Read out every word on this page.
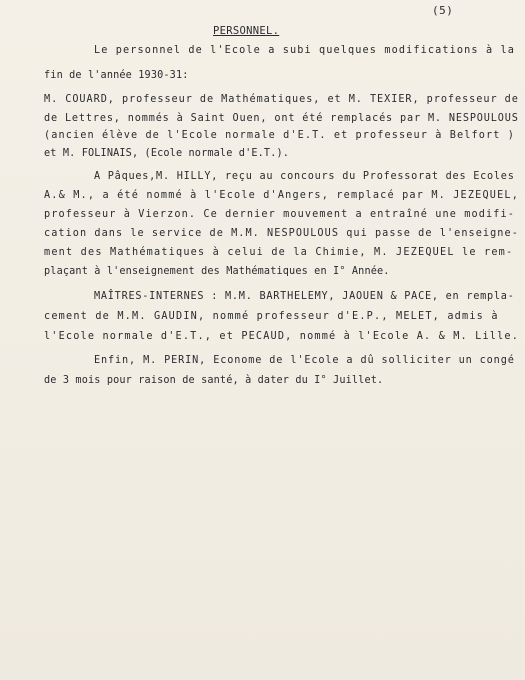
(5)
PERSONNEL.
Le personnel de l'Ecole a subi quelques modifications à la
fin de l'année 1930-31:
M. COUARD, professeur de Mathématiques, et M. TEXIER, professeur de
de Lettres, nommés à Saint Ouen, ont été remplacés par M. NESPOULOUS
(ancien élève de l'Ecole normale d'E.T. et professeur à Belfort )
et M. FOLINAIS, (Ecole normale d'E.T.).
A Pâques,M. HILLY, reçu au concours du Professorat des Ecoles
A.& M., a été nommé à l'Ecole d'Angers, remplacé par M. JEZEQUEL,
professeur à Vierzon. Ce dernier mouvement a entraîné une modifi-
cation dans le service de M.M. NESPOULOUS qui passe de l'enseigne-
ment des Mathématiques à celui de la Chimie, M. JEZEQUEL le rem-
plaçant à l'enseignement des Mathématiques en I° Année.
MAÎTRES-INTERNES : M.M. BARTHELEMY, JAOUEN & PACE, en rempla-
cement de M.M. GAUDIN, nommé professeur d'E.P., MELET, admis à
l'Ecole normale d'E.T., et PECAUD, nommé à l'Ecole A. & M. Lille.
Enfin, M. PERIN, Econome de l'Ecole a dû solliciter un congé
de 3 mois pour raison de santé, à dater du I° Juillet.
